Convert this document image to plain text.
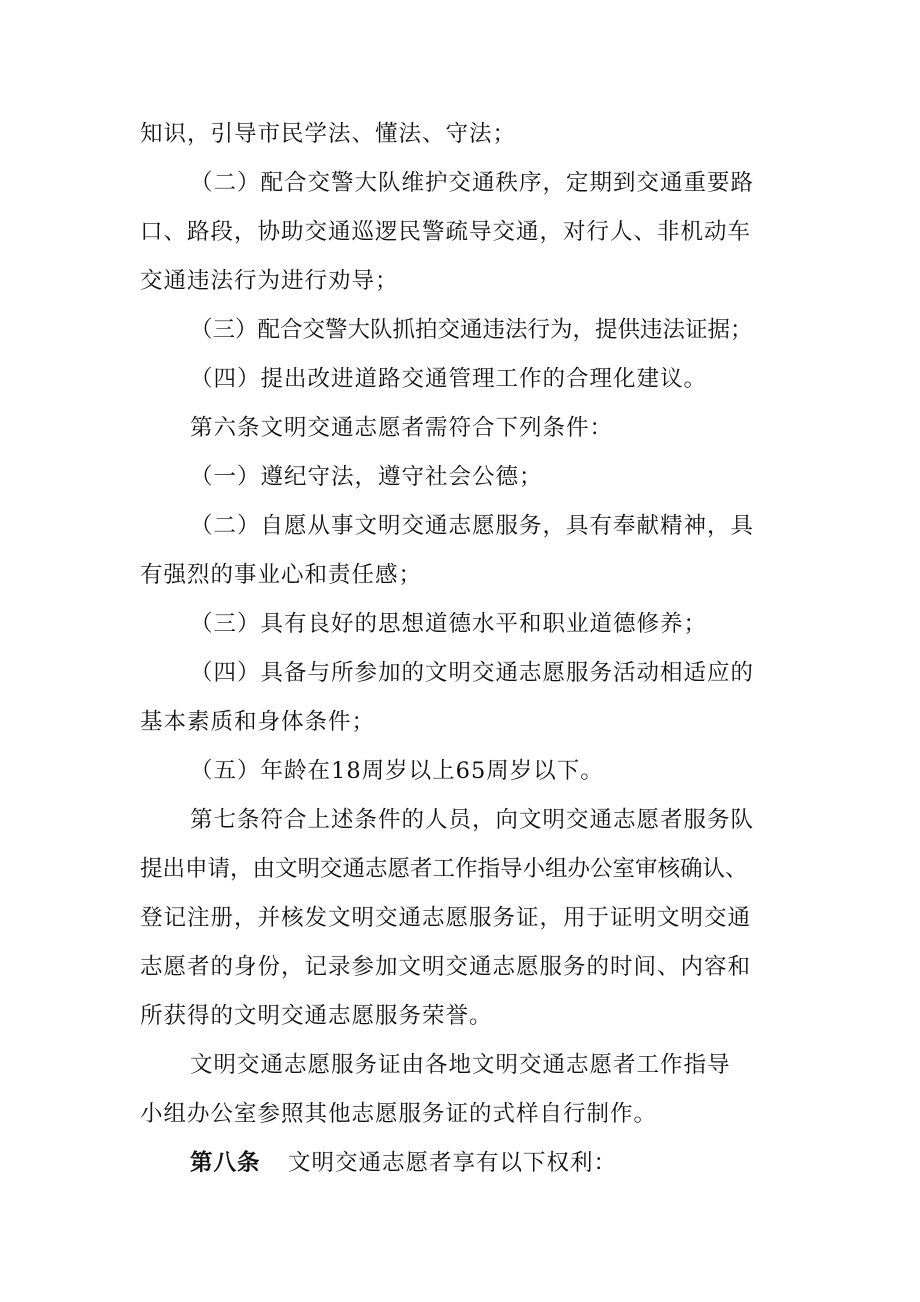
知识，引导市民学法、懂法、守法；
（二）配合交警大队维护交通秩序，定期到交通重要路
口、路段，协助交通巡逻民警疏导交通，对行人、非机动车
交通违法行为进行劝导；
（三）配合交警大队抓拍交通违法行为，提供违法证据；
（四）提出改进道路交通管理工作的合理化建议。
第六条文明交通志愿者需符合下列条件：
（一）遵纪守法，遵守社会公德；
（二）自愿从事文明交通志愿服务，具有奉献精神，具
有强烈的事业心和责任感；
（三）具有良好的思想道德水平和职业道德修养；
（四）具备与所参加的文明交通志愿服务活动相适应的
基本素质和身体条件；
（五）年龄在18周岁以上65周岁以下。
第七条符合上述条件的人员，向文明交通志愿者服务队
提出申请，由文明交通志愿者工作指导小组办公室审核确认、
登记注册，并核发文明交通志愿服务证，用于证明文明交通
志愿者的身份，记录参加文明交通志愿服务的时间、内容和
所获得的文明交通志愿服务荣誉。
文明交通志愿服务证由各地文明交通志愿者工作指导
小组办公室参照其他志愿服务证的式样自行制作。
第八条 文明交通志愿者享有以下权利：
